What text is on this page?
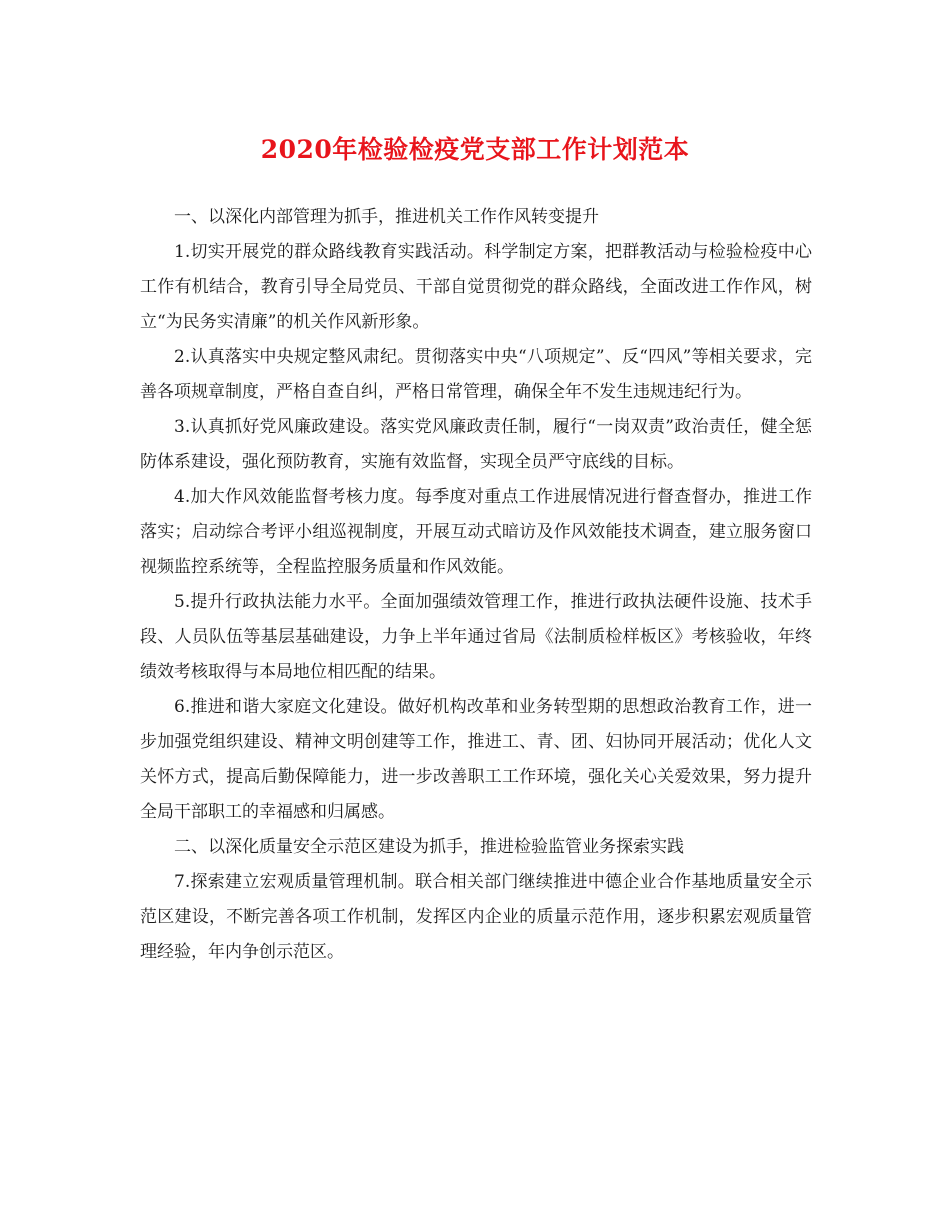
2020年检验检疫党支部工作计划范本

一、以深化内部管理为抓手，推进机关工作作风转变提升

1.切实开展党的群众路线教育实践活动。科学制定方案，把群教活动与检验检疫中心工作有机结合，教育引导全局党员、干部自觉贯彻党的群众路线，全面改进工作作风，树立“为民务实清廉”的机关作风新形象。

2.认真落实中央规定整风肃纪。贯彻落实中央“八项规定”、反“四风”等相关要求，完善各项规章制度，严格自查自纠，严格日常管理，确保全年不发生违规违纪行为。

3.认真抓好党风廉政建设。落实党风廉政责任制，履行“一岗双责”政治责任，健全惩防体系建设，强化预防教育，实施有效监督，实现全员严守底线的目标。

4.加大作风效能监督考核力度。每季度对重点工作进展情况进行督查督办，推进工作落实；启动综合考评小组巡视制度，开展互动式暗访及作风效能技术调查，建立服务窗口视频监控系统等，全程监控服务质量和作风效能。

5.提升行政执法能力水平。全面加强绩效管理工作，推进行政执法硬件设施、技术手段、人员队伍等基层基础建设，力争上半年通过省局《法制质检样板区》考核验收，年终绩效考核取得与本局地位相匹配的结果。

6.推进和谐大家庭文化建设。做好机构改革和业务转型期的思想政治教育工作，进一步加强党组织建设、精神文明创建等工作，推进工、青、团、妇协同开展活动；优化人文关怀方式，提高后勤保障能力，进一步改善职工工作环境，强化关心关爱效果，努力提升全局干部职工的幸福感和归属感。

二、以深化质量安全示范区建设为抓手，推进检验监管业务探索实践

7.探索建立宏观质量管理机制。联合相关部门继续推进中德企业合作基地质量安全示范区建设，不断完善各项工作机制，发挥区内企业的质量示范作用，逐步积累宏观质量管理经验，年内争创示范区。
